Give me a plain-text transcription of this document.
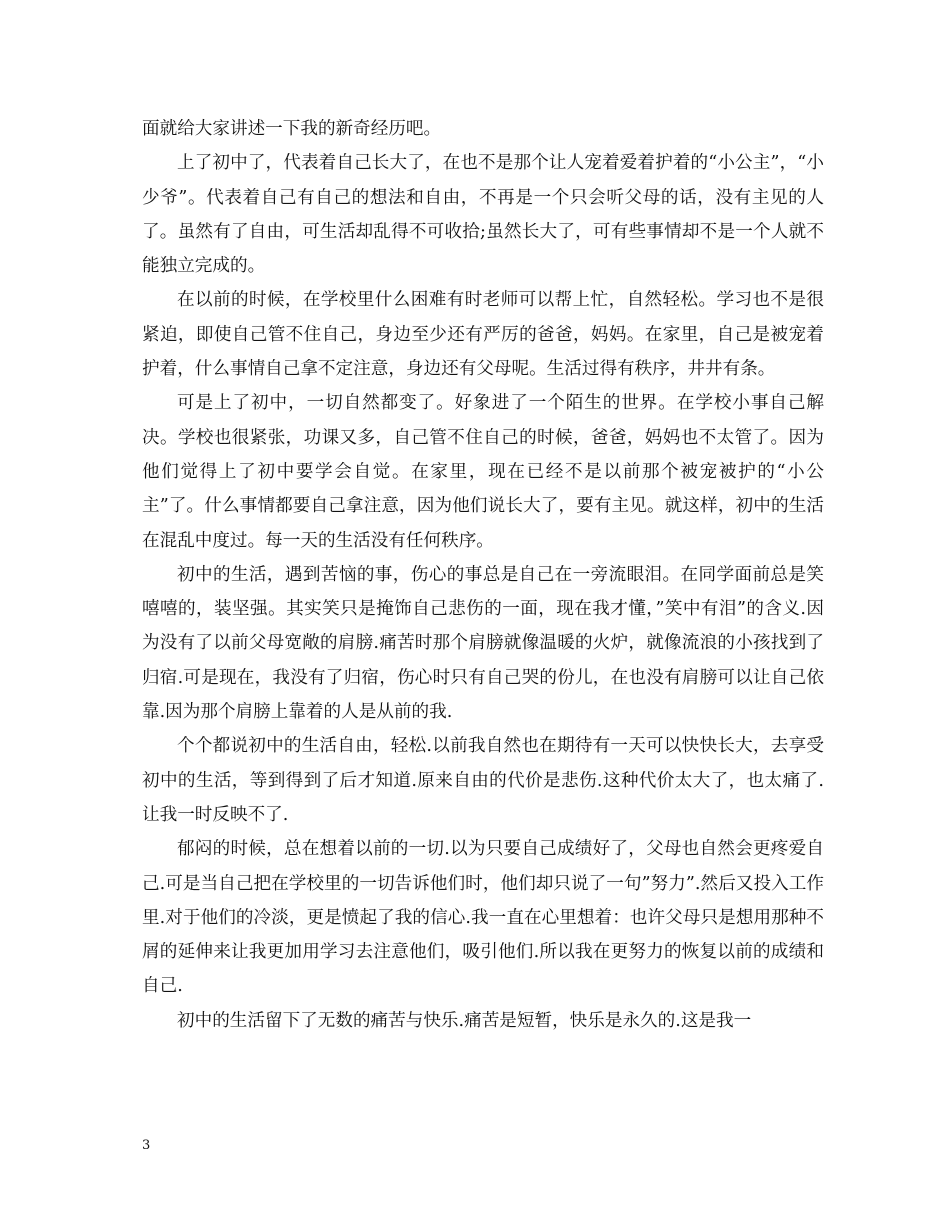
面就给大家讲述一下我的新奇经历吧。

上了初中了，代表着自己长大了，在也不是那个让人宠着爱着护着的“小公主”，“小少爷”。代表着自己有自己的想法和自由，不再是一个只会听父母的话，没有主见的人了。虽然有了自由，可生活却乱得不可收拾;虽然长大了，可有些事情却不是一个人就不能独立完成的。

在以前的时候，在学校里什么困难有时老师可以帮上忙，自然轻松。学习也不是很紧迫，即使自己管不住自己，身边至少还有严厉的爸爸，妈妈。在家里，自己是被宠着护着，什么事情自己拿不定注意，身边还有父母呢。生活过得有秩序，井井有条。

可是上了初中，一切自然都变了。好象进了一个陌生的世界。在学校小事自己解决。学校也很紧张，功课又多，自己管不住自己的时候，爸爸，妈妈也不太管了。因为他们觉得上了初中要学会自觉。在家里，现在已经不是以前那个被宠被护的“小公主”了。什么事情都要自己拿注意，因为他们说长大了，要有主见。就这样，初中的生活在混乱中度过。每一天的生活没有任何秩序。

初中的生活，遇到苦恼的事，伤心的事总是自己在一旁流眼泪。在同学面前总是笑嘻嘻的，装坚强。其实笑只是掩饰自己悲伤的一面，现在我才懂，”笑中有泪”的含义.因为没有了以前父母宽敞的肩膀.痛苦时那个肩膀就像温暖的火炉，就像流浪的小孩找到了归宿.可是现在，我没有了归宿，伤心时只有自己哭的份儿，在也没有肩膀可以让自己依靠.因为那个肩膀上靠着的人是从前的我.

个个都说初中的生活自由，轻松.以前我自然也在期待有一天可以快快长大，去享受初中的生活，等到得到了后才知道.原来自由的代价是悲伤.这种代价太大了，也太痛了.让我一时反映不了.

郁闷的时候，总在想着以前的一切.以为只要自己成绩好了，父母也自然会更疼爱自己.可是当自己把在学校里的一切告诉他们时，他们却只说了一句”努力”.然后又投入工作里.对于他们的冷淡，更是愤起了我的信心.我一直在心里想着：也许父母只是想用那种不屑的延伸来让我更加用学习去注意他们，吸引他们.所以我在更努力的恢复以前的成绩和自己.

初中的生活留下了无数的痛苦与快乐.痛苦是短暂，快乐是永久的.这是我一

3
